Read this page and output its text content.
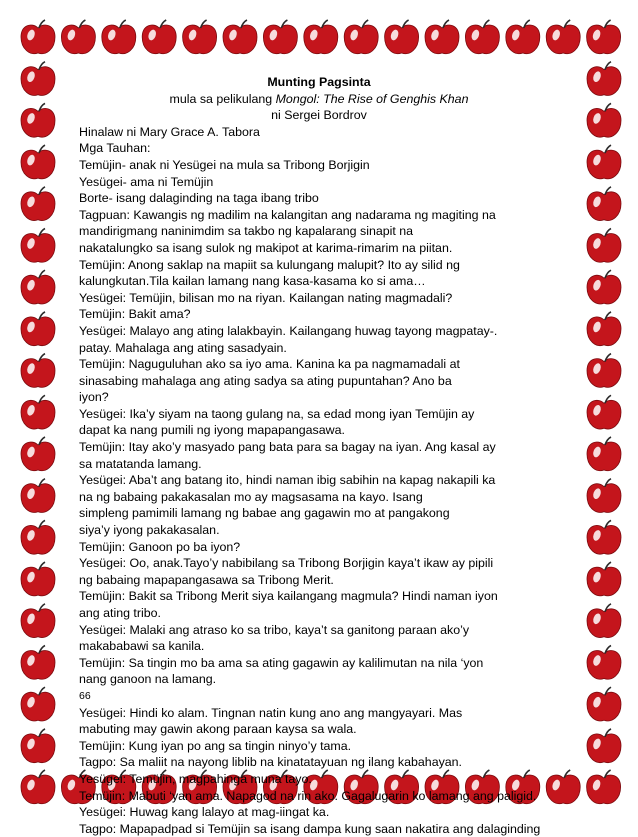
Munting Pagsinta
mula sa pelikulang Mongol: The Rise of Genghis Khan
ni Sergei Bordrov
Hinalaw ni Mary Grace A. Tabora
Mga Tauhan:
Temüjin- anak ni Yesügei na mula sa Tribong Borjigin
Yesügei- ama ni Temüjin
Borte- isang dalaginding na taga ibang tribo
Tagpuan: Kawangis ng madilim na kalangitan ang nadarama ng magiting na
mandirigmang naninimdim sa takbo ng kapalarang sinapit na
nakatalungko sa isang sulok ng makipot at karima-rimarim na piitan.
Temüjin: Anong saklap na mapiit sa kulungang malupit? Ito ay silid ng
kalungkutan.Tila kailan lamang nang kasa-kasama ko si ama…
Yesügei: Temüjin, bilisan mo na riyan. Kailangan nating magmadali?
Temüjin: Bakit ama?
Yesügei: Malayo ang ating lalakbayin. Kailangang huwag tayong magpatay-.
patay. Mahalaga ang ating sasadyain.
Temüjin: Naguguluhan ako sa iyo ama. Kanina ka pa nagmamadali at
sinasabing mahalaga ang ating sadya sa ating pupuntahan? Ano ba
iyon?
Yesügei: Ika’y siyam na taong gulang na, sa edad mong iyan Temüjin ay
dapat ka nang pumili ng iyong mapapangasawa.
Temüjin: Itay ako’y masyado pang bata para sa bagay na iyan. Ang kasal ay
sa matatanda lamang.
Yesügei: Aba’t ang batang ito, hindi naman ibig sabihin na kapag nakapili ka
na ng babaing pakakasalan mo ay magsasama na kayo. Isang
simpleng pamimili lamang ng babae ang gagawin mo at pangakong
siya’y iyong pakakasalan.
Temüjin: Ganoon po ba iyon?
Yesügei: Oo, anak.Tayo’y nabibilang sa Tribong Borjigin kaya’t ikaw ay pipili
ng babaing mapapangasawa sa Tribong Merit.
Temüjin: Bakit sa Tribong Merit siya kailangang magmula? Hindi naman iyon
ang ating tribo.
Yesügei: Malaki ang atraso ko sa tribo, kaya’t sa ganitong paraan ako’y
makababawi sa kanila.
Temüjin: Sa tingin mo ba ama sa ating gagawin ay kalilimutan na nila ‘yon
nang ganoon na lamang.
66
Yesügei: Hindi ko alam. Tingnan natin kung ano ang mangyayari. Mas
mabuting may gawin akong paraan kaysa sa wala.
Temüjin: Kung iyan po ang sa tingin ninyo’y tama.
Tagpo: Sa maliit na nayong liblib na kinatatayuan ng ilang kabahayan.
Yesügei: Temüjin, magpahinga muna tayo.
Temüjin: Mabuti ‘yan ama. Napagod na rin ako. Gagalugarin ko lamang ang paligid.
Yesügei: Huwag kang lalayo at mag-iingat ka.
Tagpo: Mapapadpad si Temüjin sa isang dampa kung saan nakatira ang dalaginding
